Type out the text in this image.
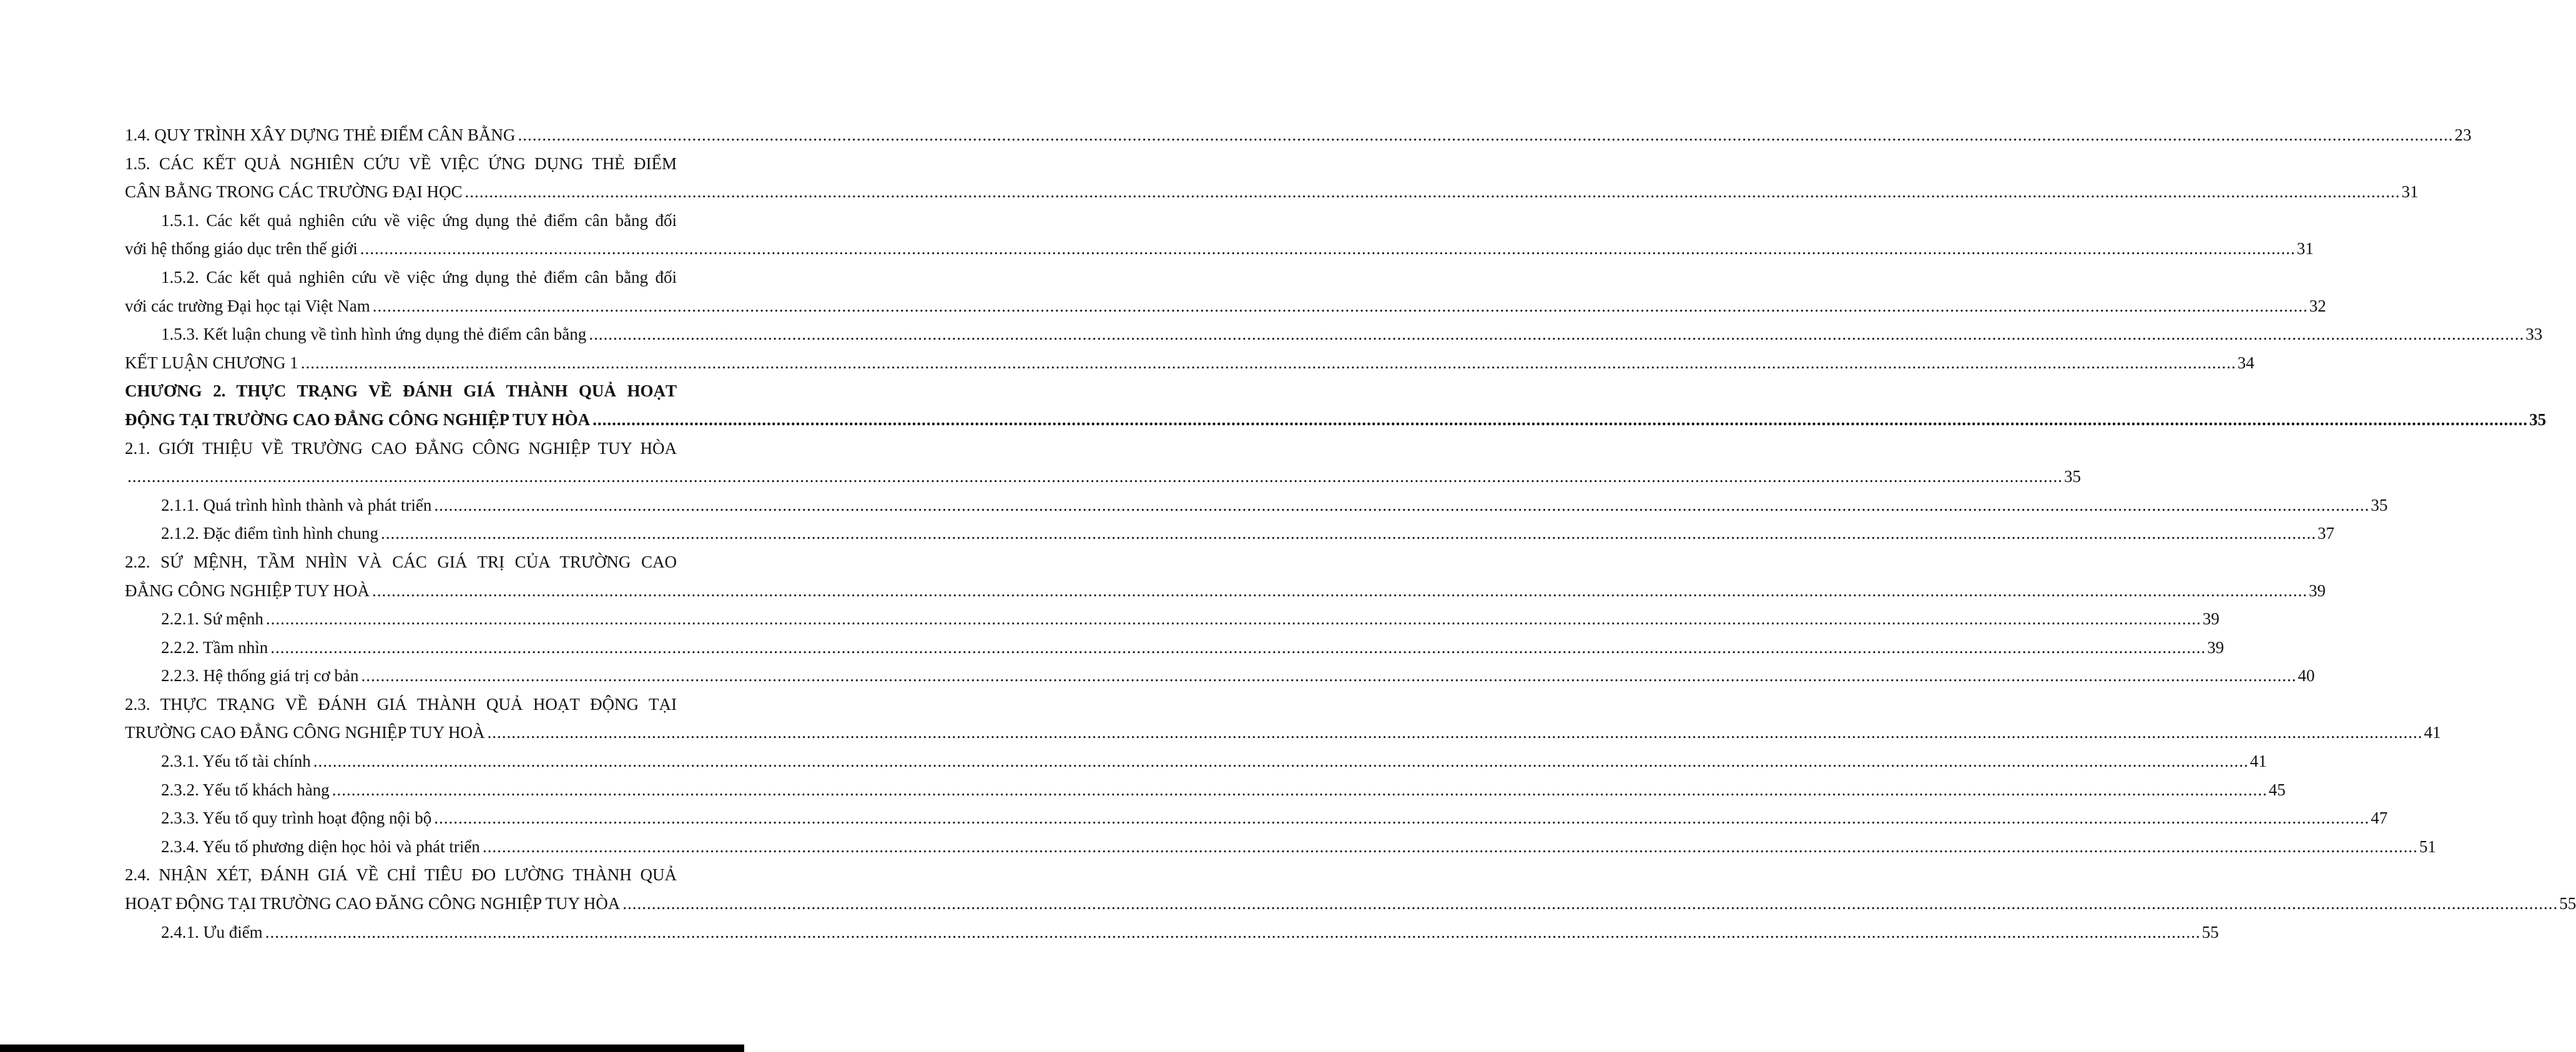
1.4. QUY TRÌNH XÂY DỰNG THẺ ĐIỂM CÂN BẰNG ................................................................................................................................................................................................................................................................................................................................................................................................................ 23
1.5. CÁC KẾT QUẢ NGHIÊN CỨU VỀ VIỆC ỨNG DỤNG THẺ ĐIỂM
CÂN BẰNG TRONG CÁC TRƯỜNG ĐẠI HỌC ................................................................................................................................................................................................................................................................................................................................................................................................................ 31
1.5.1. Các kết quả nghiên cứu về việc ứng dụng thẻ điểm cân bằng đối
với hệ thống giáo dục trên thế giới ................................................................................................................................................................................................................................................................................................................................................................................................................ 31
1.5.2. Các kết quả nghiên cứu về việc ứng dụng thẻ điểm cân bằng đối
với các trường Đại học tại Việt Nam ................................................................................................................................................................................................................................................................................................................................................................................................................ 32
1.5.3. Kết luận chung về tình hình ứng dụng thẻ điểm cân bằng ................................................................................................................................................................................................................................................................................................................................................................................................................ 33
KẾT LUẬN CHƯƠNG 1 ................................................................................................................................................................................................................................................................................................................................................................................................................ 34
CHƯƠNG 2. THỰC TRẠNG VỀ ĐÁNH GIÁ THÀNH QUẢ HOẠT
ĐỘNG TẠI TRƯỜNG CAO ĐẲNG CÔNG NGHIỆP TUY HÒA ................................................................................................................................................................................................................................................................................................................................................................................................................ 35
2.1. GIỚI THIỆU VỀ TRƯỜNG CAO ĐẲNG CÔNG NGHIỆP TUY HÒA
................................................................................................................................................................................................................................................................................................................................................................................................................ 35
2.1.1. Quá trình hình thành và phát triển ................................................................................................................................................................................................................................................................................................................................................................................................................ 35
2.1.2. Đặc điểm tình hình chung ................................................................................................................................................................................................................................................................................................................................................................................................................ 37
2.2. SỨ MỆNH, TẦM NHÌN VÀ CÁC GIÁ TRỊ CỦA TRƯỜNG CAO
ĐẲNG CÔNG NGHIỆP TUY HOÀ ................................................................................................................................................................................................................................................................................................................................................................................................................ 39
2.2.1. Sứ mệnh ................................................................................................................................................................................................................................................................................................................................................................................................................ 39
2.2.2. Tầm nhìn ................................................................................................................................................................................................................................................................................................................................................................................................................ 39
2.2.3. Hệ thống giá trị cơ bản ................................................................................................................................................................................................................................................................................................................................................................................................................ 40
2.3. THỰC TRẠNG VỀ ĐÁNH GIÁ THÀNH QUẢ HOẠT ĐỘNG TẠI
TRƯỜNG CAO ĐẲNG CÔNG NGHIỆP TUY HOÀ ................................................................................................................................................................................................................................................................................................................................................................................................................ 41
2.3.1. Yếu tố tài chính ................................................................................................................................................................................................................................................................................................................................................................................................................ 41
2.3.2. Yếu tố khách hàng ................................................................................................................................................................................................................................................................................................................................................................................................................ 45
2.3.3. Yếu tố quy trình hoạt động nội bộ ................................................................................................................................................................................................................................................................................................................................................................................................................ 47
2.3.4. Yếu tố phương diện học hỏi và phát triển ................................................................................................................................................................................................................................................................................................................................................................................................................ 51
2.4. NHẬN XÉT, ĐÁNH GIÁ VỀ CHỈ TIÊU ĐO LƯỜNG THÀNH QUẢ
HOẠT ĐỘNG TẠI TRƯỜNG CAO ĐĂNG CÔNG NGHIỆP TUY HÒA ................................................................................................................................................................................................................................................................................................................................................................................................................ 55
2.4.1. Ưu điểm ................................................................................................................................................................................................................................................................................................................................................................................................................ 55
